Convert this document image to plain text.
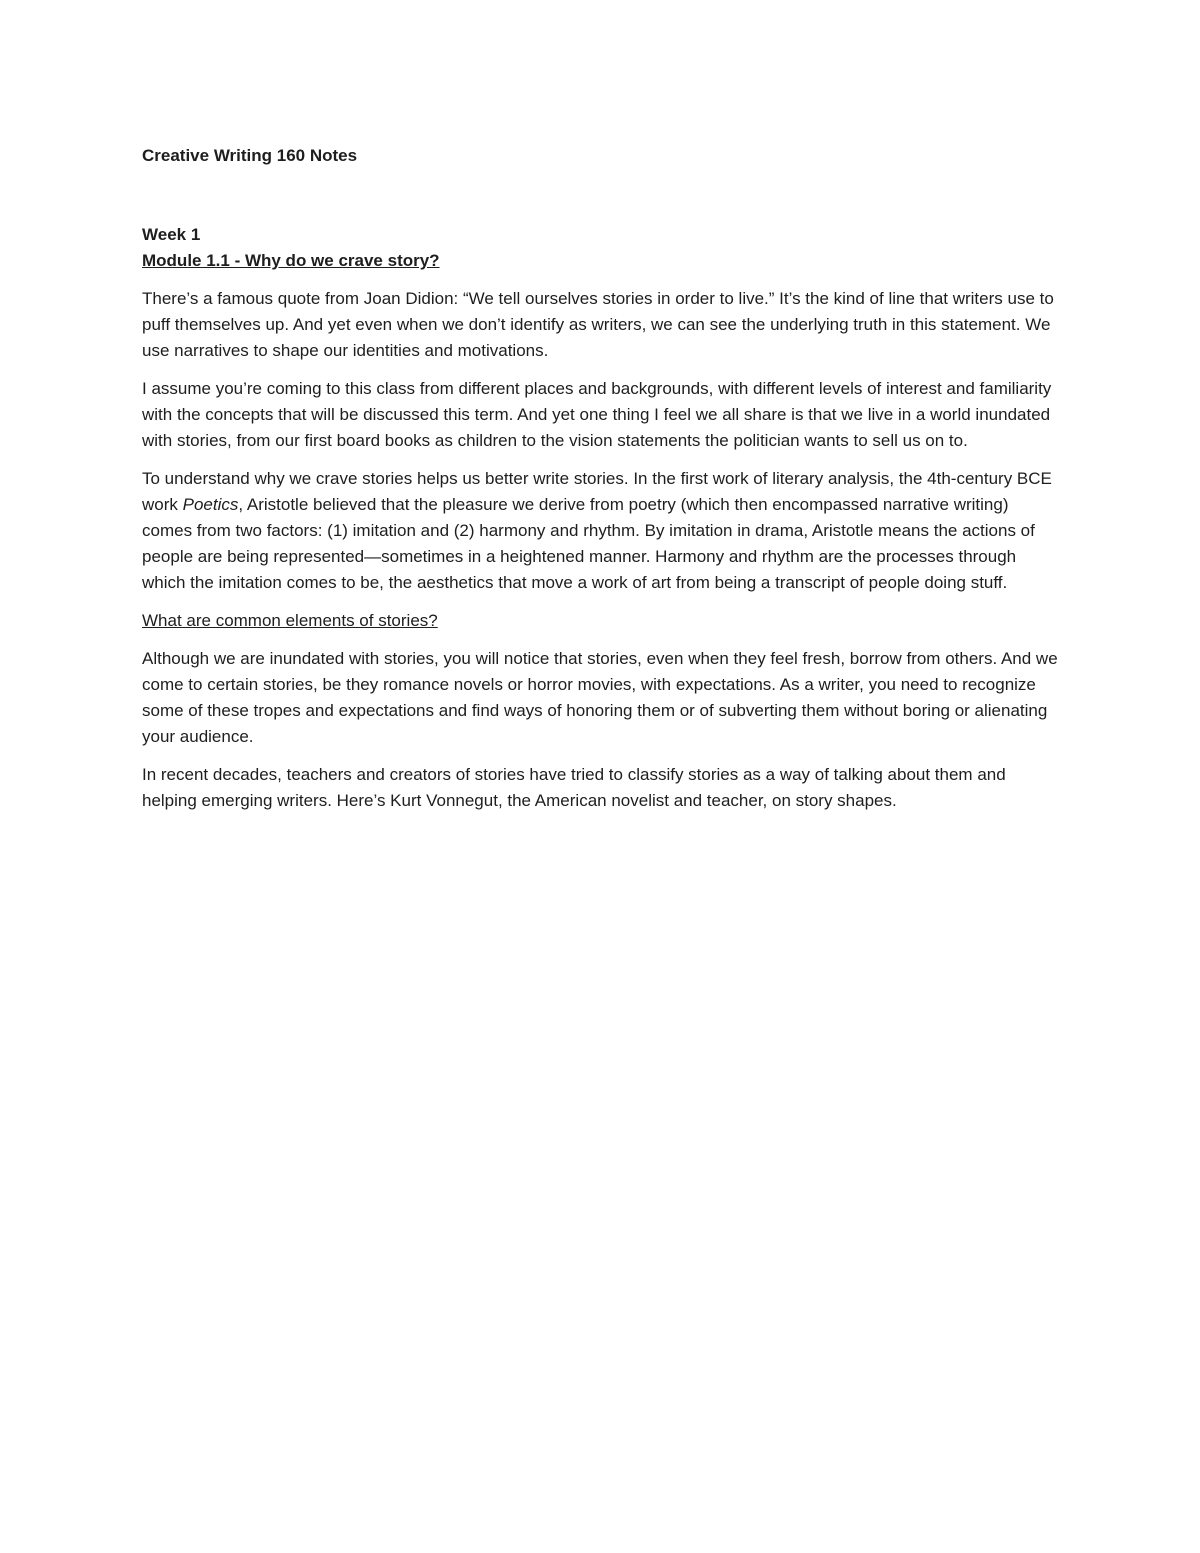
Creative Writing 160 Notes

Week 1

Module 1.1 - Why do we crave story?

There’s a famous quote from Joan Didion: “We tell ourselves stories in order to live.” It’s the kind of line that writers use to puff themselves up. And yet even when we don’t identify as writers, we can see the underlying truth in this statement. We use narratives to shape our identities and motivations.

I assume you’re coming to this class from different places and backgrounds, with different levels of interest and familiarity with the concepts that will be discussed this term. And yet one thing I feel we all share is that we live in a world inundated with stories, from our first board books as children to the vision statements the politician wants to sell us on to.

To understand why we crave stories helps us better write stories. In the first work of literary analysis, the 4th-century BCE work Poetics, Aristotle believed that the pleasure we derive from poetry (which then encompassed narrative writing) comes from two factors: (1) imitation and (2) harmony and rhythm. By imitation in drama, Aristotle means the actions of people are being represented—sometimes in a heightened manner. Harmony and rhythm are the processes through which the imitation comes to be, the aesthetics that move a work of art from being a transcript of people doing stuff.

What are common elements of stories?

Although we are inundated with stories, you will notice that stories, even when they feel fresh, borrow from others. And we come to certain stories, be they romance novels or horror movies, with expectations. As a writer, you need to recognize some of these tropes and expectations and find ways of honoring them or of subverting them without boring or alienating your audience.

In recent decades, teachers and creators of stories have tried to classify stories as a way of talking about them and helping emerging writers. Here’s Kurt Vonnegut, the American novelist and teacher, on story shapes.
